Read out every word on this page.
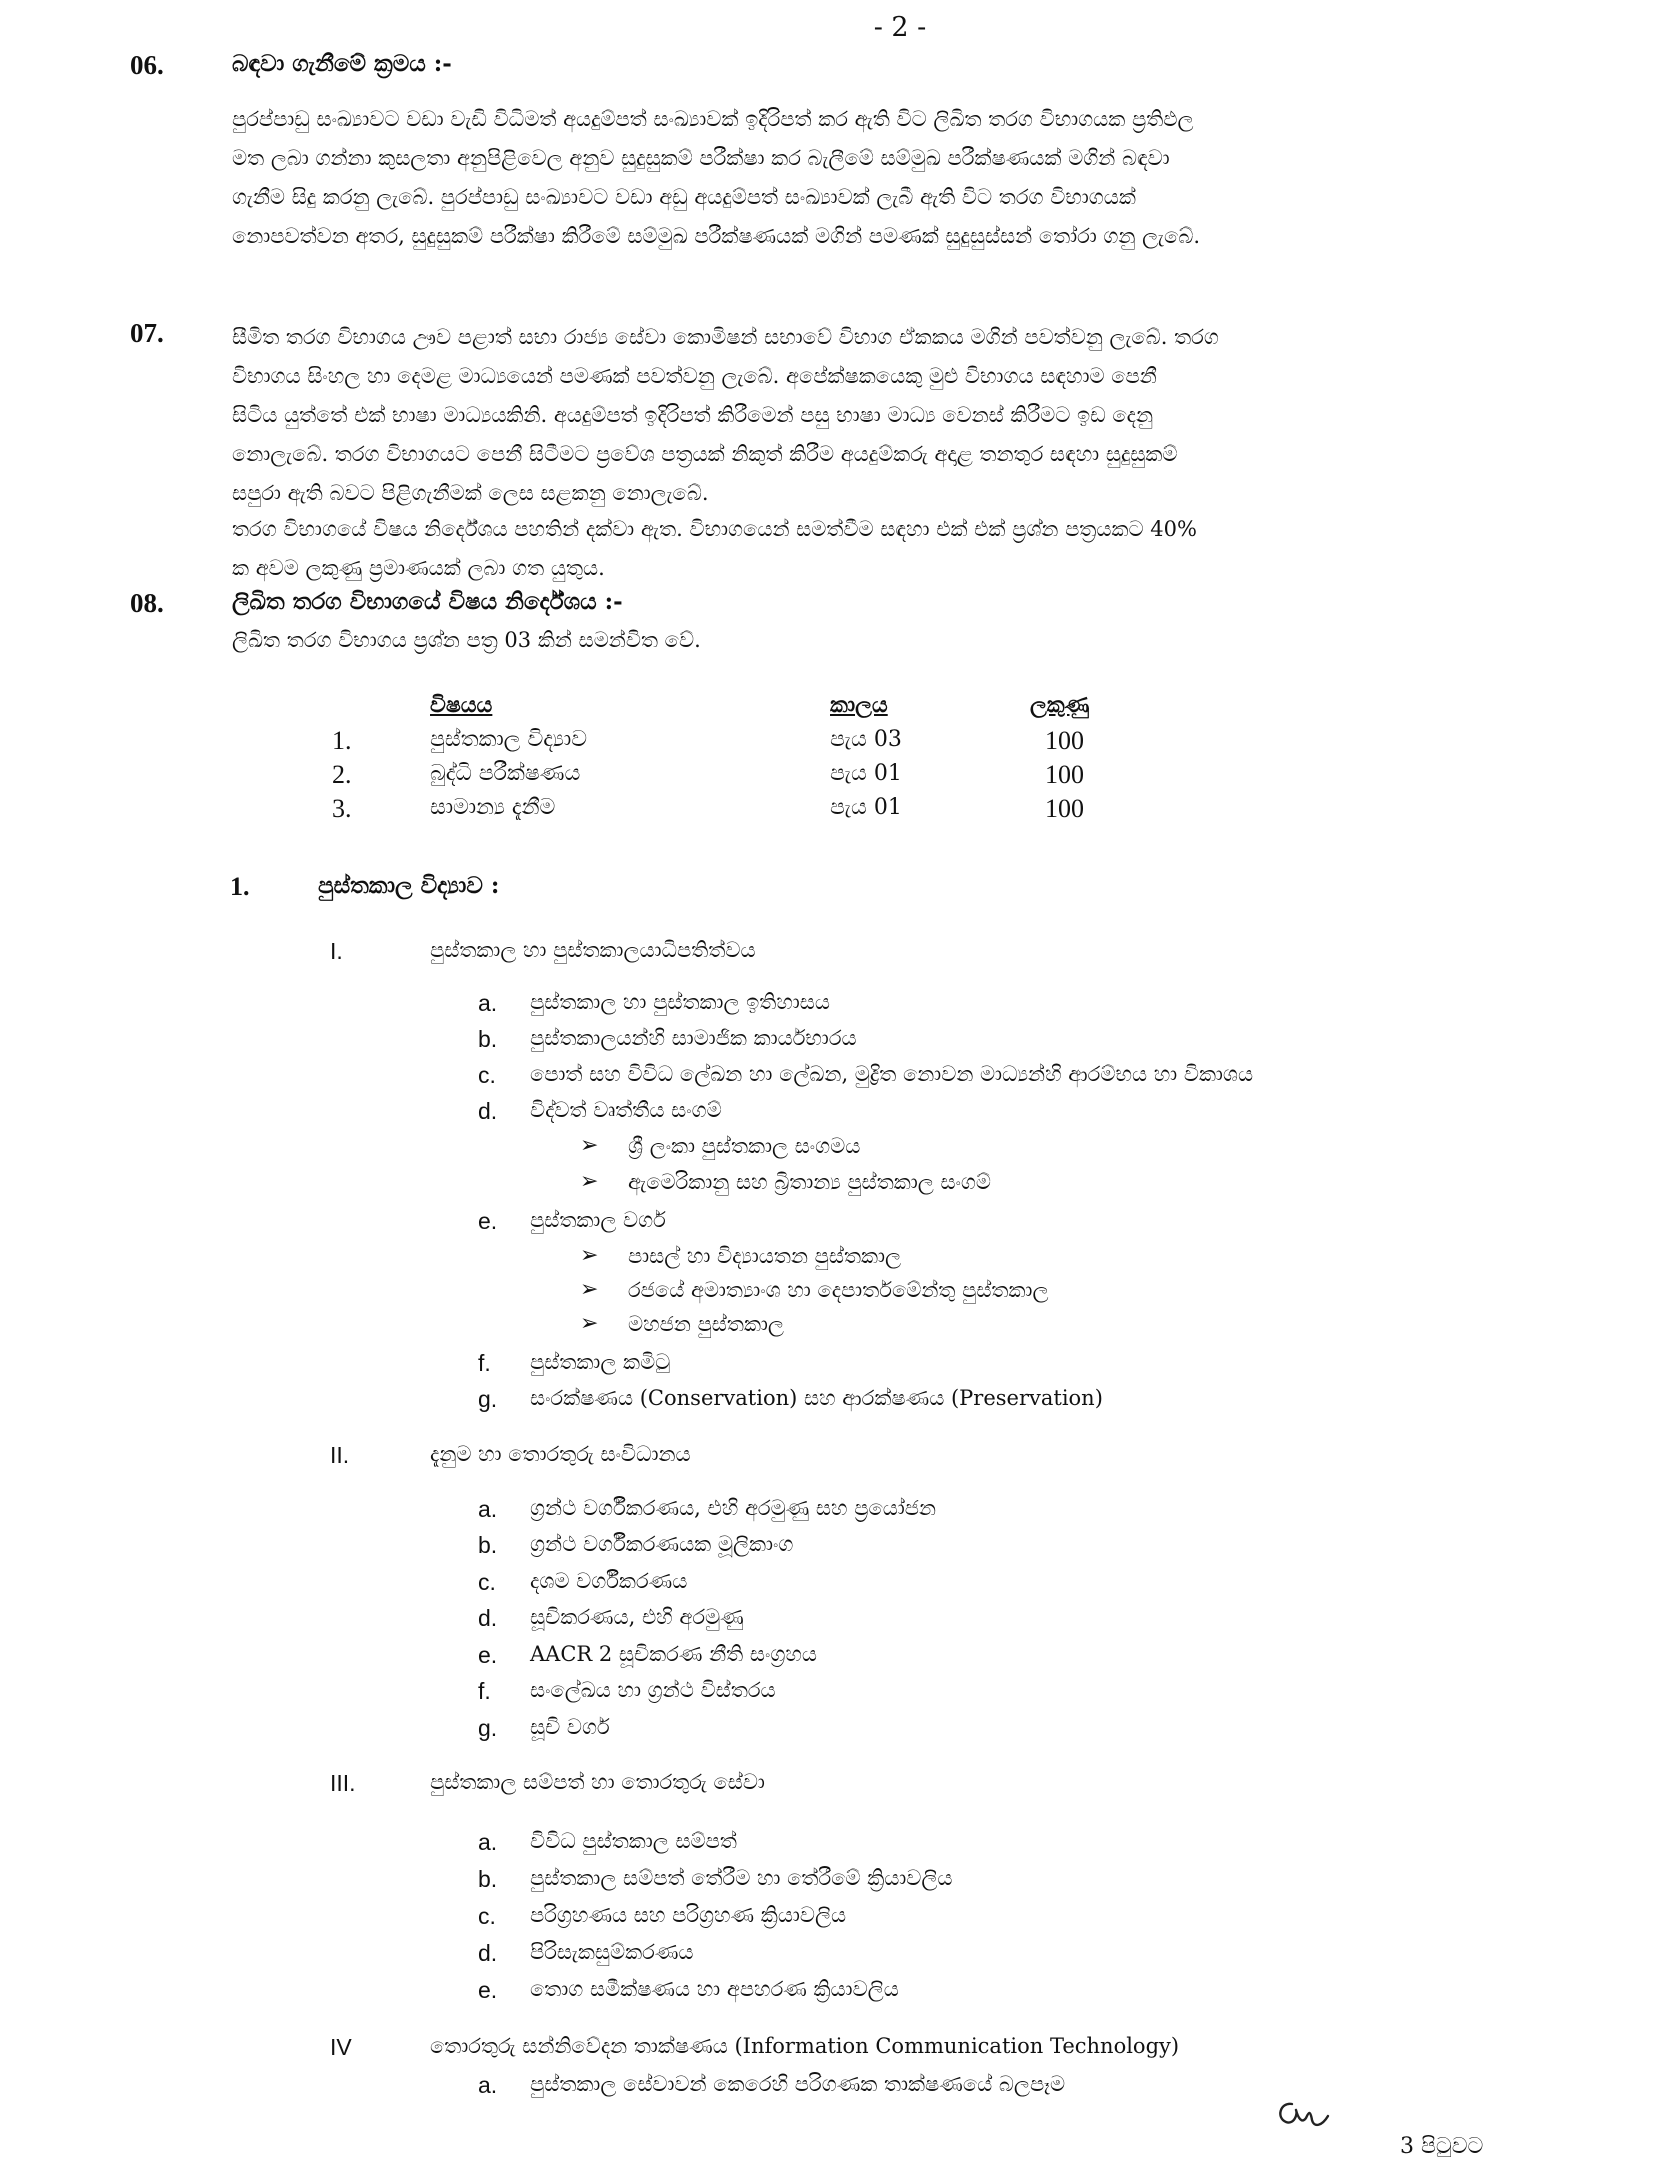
- 2 -
06.	බඳවා ගැනීමේ ක්‍රමය :-
පුරප්පාඩු සංඛ්‍යාවට වඩා වැඩි විධිමත් අයදුම්පත් සංඛ්‍යාවක් ඉදිරිපත් කර ඇති විට ලිඛිත තරග විභාගයක ප්‍රතිඵල
මත ලබා ගන්නා කුසලතා අනුපිළිවෙල අනුව සුදුසුකම් පරීක්ෂා කර බැලීමේ සම්මුඛ පරීක්ෂණයක් මගින් බඳවා
ගැනීම සිදු කරනු ලැබේ. පුරප්පාඩු සංඛ්‍යාවට වඩා අඩු අයදුම්පත් සංඛ්‍යාවක් ලැබී ඇති විට තරග විභාගයක්
නොපවත්වන අතර, සුදුසුකම් පරීක්ෂා කිරීමේ සම්මුඛ පරීක්ෂණයක් මගින් පමණක් සුදුසුස්සන් තෝරා ගනු ලැබේ.
07.	සීමිත තරග විභාගය ඌව පළාත් සභා රාජ්‍ය සේවා කොමිෂන් සභාවේ විභාග ඒකකය මගින් පවත්වනු ලැබේ. තරග
විභාගය සිංහල හා දෙමළ මාධ්‍යයෙන් පමණක් පවත්වනු ලැබේ. අපේක්ෂකයෙකු මුළු විභාගය සඳහාම පෙනී
සිටිය යුත්තේ එක් භාෂා මාධ්‍යයකිනි. අයදුම්පත් ඉදිරිපත් කිරීමෙන් පසු භාෂා මාධ්‍ය වෙනස් කිරීමට ඉඩ දෙනු
නොලැබේ. තරග විභාගයට පෙනී සිටීමට ප්‍රවේශ පත්‍රයක් නිකුත් කිරීම අයදුම්කරු අදාළ තනතුර සඳහා සුදුසුකම්
සපුරා ඇති බවට පිළිගැනීමක් ලෙස සළකනු නොලැබේ.
තරග විභාගයේ විෂය නිර්දේශය පහතින් දක්වා ඇත. විභාගයෙන් සමත්වීම සඳහා එක් එක් ප්‍රශ්න පත්‍රයකට 40%
ක අවම ලකුණු ප්‍රමාණයක් ලබා ගත යුතුය.
08.	ලිඛිත තරග විභාගයේ විෂය නිර්දේශය :-
ලිඛිත තරග විභාගය ප්‍රශ්න පත්‍ර 03 කින් සමන්විත වේ.
විෂයය	කාලය	ලකුණු
1.	පුස්තකාල විද්‍යාව	පැය 03	100
2.	බුද්ධි පරීක්ෂණය	පැය 01	100
3.	සාමාන්‍ය දැනීම	පැය 01	100
1.	පුස්තකාල විද්‍යාව :
I.	පුස්තකාල හා පුස්තකාලයාධිපතිත්වය
a. පුස්තකාල හා පුස්තකාල ඉතිහාසය
b. පුස්තකාලයන්හි සාමාජික කාර්යභාරය
c. පොත් සහ විවිධ ලේඛන හා ලේඛන, මුද්‍රිත නොවන මාධ්‍යන්හි ආරම්භය හා විකාශය
d. විද්වත් වෘත්තීය සංගම්
➢ ශ්‍රී ලංකා පුස්තකාල සංගමය
➢ ඇමෙරිකානු සහ බ්‍රිතාන්‍ය පුස්තකාල සංගම්
e. පුස්තකාල වර්ග
➢ පාසල් හා විද්‍යායතන පුස්තකාල
➢ රජයේ අමාත්‍යාංශ හා දෙපාර්තමේන්තු පුස්තකාල
➢ මහජන පුස්තකාල
f. පුස්තකාල කමිටු
g. සංරක්ෂණය (Conservation) සහ ආරක්ෂණය (Preservation)
II.	දැනුම හා තොරතුරු සංවිධානය
a. ග්‍රන්ථ වර්ගීකරණය, එහි අරමුණු සහ ප්‍රයෝජන
b. ග්‍රන්ථ වර්ගීකරණයක මූලිකාංග
c. දශම වර්ගීකරණය
d. සූචිකරණය, එහි අරමුණු
e. AACR 2 සූචිකරණ නීති සංග්‍රහය
f. සංලේඛය හා ග්‍රන්ථ විස්තරය
g. සූචි වර්ග
III.	පුස්තකාල සම්පත් හා තොරතුරු සේවා
a. විවිධ පුස්තකාල සම්පත්
b. පුස්තකාල සම්පත් තේරීම හා තේරීමේ ක්‍රියාවලිය
c. පරිග්‍රහණය සහ පරිග්‍රහණ ක්‍රියාවලිය
d. පිරිසැකසුම්කරණය
e. තොග සමීක්ෂණය හා අපහරණ ක්‍රියාවලිය
IV	තොරතුරු සන්නිවේදන තාක්ෂණය (Information Communication Technology)
a. පුස්තකාල සේවාවන් කෙරෙහි පරිගණක තාක්ෂණයේ බලපෑම
3 පිටුවට
